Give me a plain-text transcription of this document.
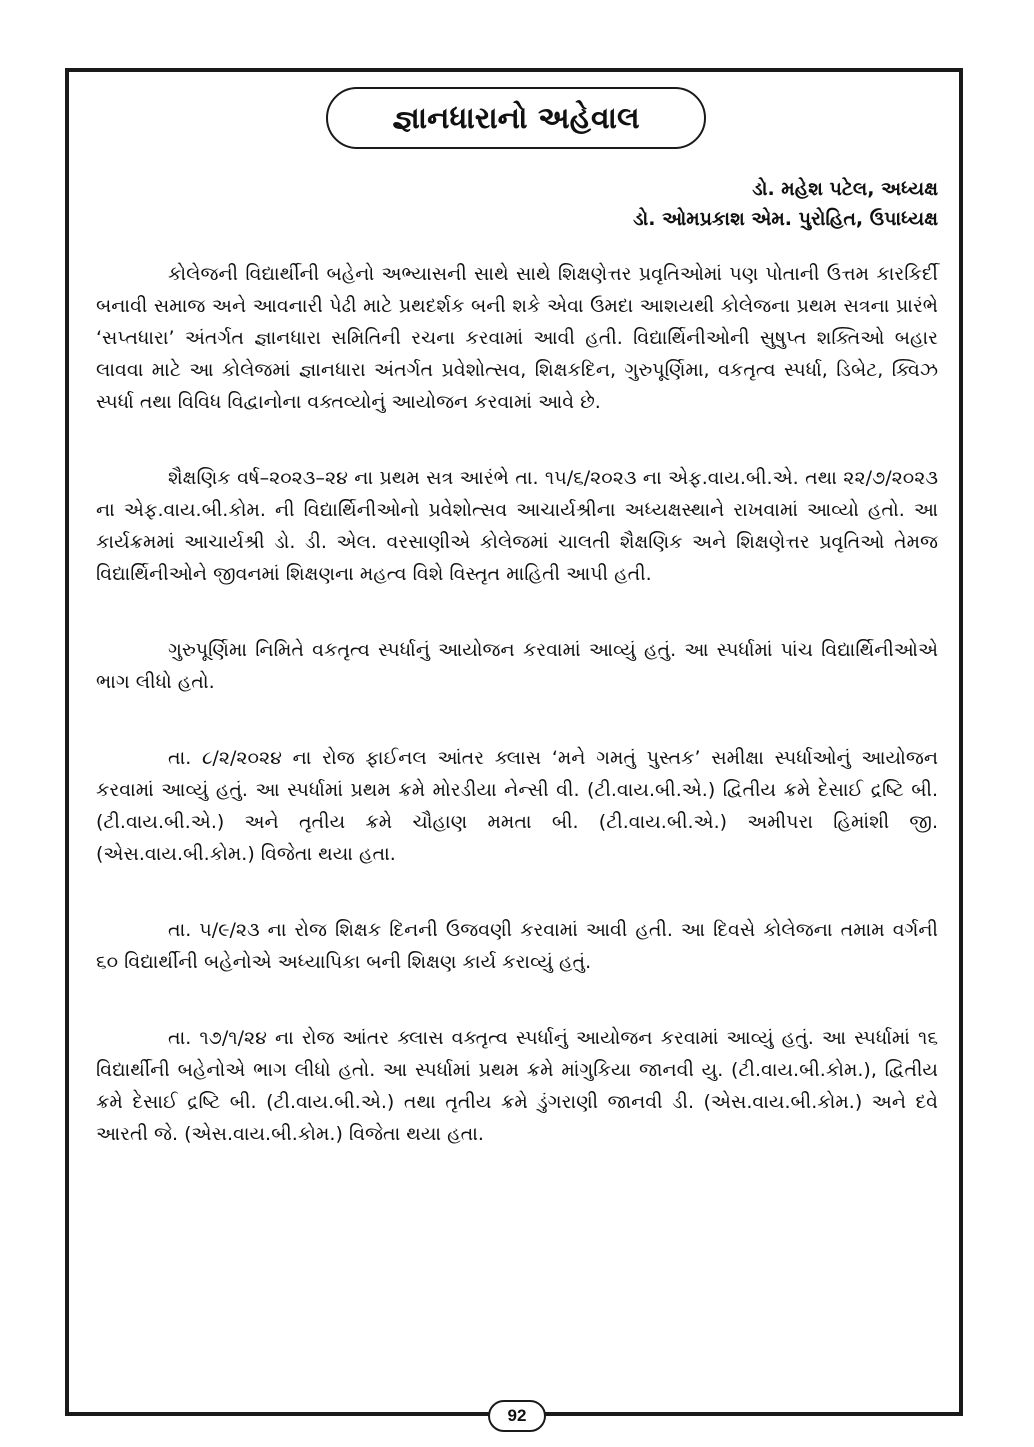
જ્ઞાનધારાનો અહેવાલ
ડો. મહેશ પટેલ, અધ્યક્ષ
ડો. ઓમપ્રકાશ એમ. પુરોહિત, ઉપાધ્યક્ષ

કોલેજની વિદ્યાર્થીની બહેનો અભ્યાસની સાથે સાથે શિક્ષણેત્તર પ્રવૃતિઓમાં પણ પોતાની ઉત્તમ કારકિર્દી બનાવી સમાજ અને આવનારી પેઢી માટે પ્રથદર્શક બની શકે એવા ઉમદા આશયથી કોલેજના પ્રથમ સત્રના પ્રારંભે ‘સપ્તધારા’ અંતર્ગત જ્ઞાનધારા સમિતિની રચના કરવામાં આવી હતી. વિદ્યાર્થિનીઓની સુષુપ્ત શક્તિઓ બહાર લાવવા માટે આ કોલેજમાં જ્ઞાનધારા અંતર્ગત પ્રવેશોત્સવ, શિક્ષકદિન, ગુરુપૂર્ણિમા, વકતૃત્વ સ્પર્ધા, ડિબેટ, ક્વિઝ સ્પર્ધા તથા વિવિધ વિદ્વાનોના વક્તવ્યોનું આયોજન કરવામાં આવે છે.

શૈક્ષણિક વર્ષ–૨૦૨૩–૨૪ ના પ્રથમ સત્ર આરંભે તા. ૧૫/૬/૨૦૨૩ ના એફ.વાય.બી.એ. તથા ૨૨/૭/૨૦૨૩ ના એફ.વાય.બી.કોમ. ની વિદ્યાર્થિનીઓનો પ્રવેશોત્સવ આચાર્યશ્રીના અધ્યક્ષસ્થાને રાખવામાં આવ્યો હતો. આ કાર્યક્રમમાં આચાર્યશ્રી ડો. ડી. એલ. વરસાણીએ કોલેજમાં ચાલતી શૈક્ષણિક અને શિક્ષણેત્તર પ્રવૃતિઓ તેમજ વિદ્યાર્થિનીઓને જીવનમાં શિક્ષણના મહત્વ વિશે વિસ્તૃત માહિતી આપી હતી.

ગુરુપૂર્ણિમા નિમિતે વકતૃત્વ સ્પર્ધાનું આયોજન કરવામાં આવ્યું હતું. આ સ્પર્ધામાં પાંચ વિદ્યાર્થિનીઓએ ભાગ લીધો હતો.

તા. ૮/૨/૨૦૨૪ ના રોજ ફાઈનલ આંતર ક્લાસ ‘મને ગમતું પુસ્તક’ સમીક્ષા સ્પર્ધાઓનું આયોજન કરવામાં આવ્યું હતું. આ સ્પર્ધામાં પ્રથમ ક્રમે મોરડીયા નેન્સી વી. (ટી.વાય.બી.એ.) દ્વિતીય ક્રમે દેસાઈ દ્રષ્ટિ બી. (ટી.વાય.બી.એ.) અને તૃતીય ક્રમે ચૌહાણ મમતા બી. (ટી.વાય.બી.એ.) અમીપરા હિમાંશી જી. (એસ.વાય.બી.કોમ.) વિજેતા થયા હતા.

તા. ૫/૯/૨૩ ના રોજ શિક્ષક દિનની ઉજવણી કરવામાં આવી હતી. આ દિવસે કોલેજના તમામ વર્ગની ૬૦ વિદ્યાર્થીની બહેનોએ અધ્યાપિકા બની શિક્ષણ કાર્ય કરાવ્યું હતું.

તા. ૧૭/૧/૨૪ ના રોજ આંતર ક્લાસ વક્તૃત્વ સ્પર્ધાનું આયોજન કરવામાં આવ્યું હતું. આ સ્પર્ધામાં ૧૬ વિદ્યાર્થીની બહેનોએ ભાગ લીધો હતો. આ સ્પર્ધામાં પ્રથમ ક્રમે માંગુકિયા જાનવી યુ. (ટી.વાય.બી.કોમ.), દ્વિતીય ક્રમે દેસાઈ દ્રષ્ટિ બી. (ટી.વાય.બી.એ.) તથા તૃતીય ક્રમે ડુંગરાણી જાનવી ડી. (એસ.વાય.બી.કોમ.) અને દવે આરતી જે. (એસ.વાય.બી.કોમ.) વિજેતા થયા હતા.

92
